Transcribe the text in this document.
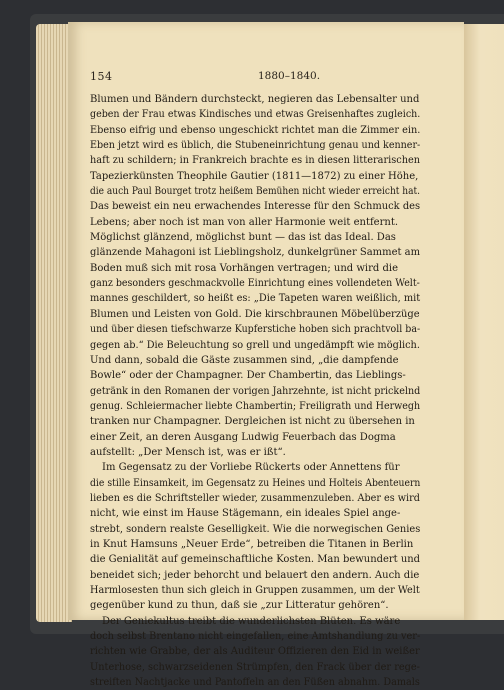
154	1880–1840.
Blumen und Bändern durchsteckt, negieren das Lebensalter und
geben der Frau etwas Kindisches und etwas Greisenhaftes zugleich.
Ebenso eifrig und ebenso ungeschickt richtet man die Zimmer ein.
Eben jetzt wird es üblich, die Stubeneinrichtung genau und kenner-
haft zu schildern; in Frankreich brachte es in diesen litterarischen
Tapezierkünsten Theophile Gautier (1811—1872) zu einer Höhe,
die auch Paul Bourget trotz heißem Bemühen nicht wieder erreicht hat.
Das beweist ein neu erwachendes Interesse für den Schmuck des
Lebens; aber noch ist man von aller Harmonie weit entfernt.
Möglichst glänzend, möglichst bunt — das ist das Ideal. Das
glänzende Mahagoni ist Lieblingsholz, dunkelgrüner Sammet am
Boden muß sich mit rosa Vorhängen vertragen; und wird die
ganz besonders geschmackvolle Einrichtung eines vollendeten Welt-
mannes geschildert, so heißt es: „Die Tapeten waren weißlich, mit
Blumen und Leisten von Gold. Die kirschbraunen Möbelüberzüge
und über diesen tiefschwarze Kupferstiche hoben sich prachtvoll ba-
gegen ab.“ Die Beleuchtung so grell und ungedämpft wie möglich.
Und dann, sobald die Gäste zusammen sind, „die dampfende
Bowle“ oder der Champagner. Der Chambertin, das Lieblings-
getränk in den Romanen der vorigen Jahrzehnte, ist nicht prickelnd
genug. Schleiermacher liebte Chambertin; Freiligrath und Herwegh
tranken nur Champagner. Dergleichen ist nicht zu übersehen in
einer Zeit, an deren Ausgang Ludwig Feuerbach das Dogma
aufstellt: „Der Mensch ist, was er ißt“.
Im Gegensatz zu der Vorliebe Rückerts oder Annettens für
die stille Einsamkeit, im Gegensatz zu Heines und Holteis Abenteuern
lieben es die Schriftsteller wieder, zusammenzuleben. Aber es wird
nicht, wie einst im Hause Stägemann, ein ideales Spiel ange-
strebt, sondern realste Geselligkeit. Wie die norwegischen Genies
in Knut Hamsuns „Neuer Erde“, betreiben die Titanen in Berlin
die Genialität auf gemeinschaftliche Kosten. Man bewundert und
beneidet sich; jeder behorcht und belauert den andern. Auch die
Harmlosesten thun sich gleich in Gruppen zusammen, um der Welt
gegenüber kund zu thun, daß sie „zur Litteratur gehören“.
Der Geniekultus treibt die wunderlichsten Blüten. Es wäre
doch selbst Brentano nicht eingefallen, eine Amtshandlung zu ver-
richten wie Grabbe, der als Auditeur Offizieren den Eid in weißer
Unterhose, schwarzseidenen Strümpfen, den Frack über der rege-
streiften Nachtjacke und Pantoffeln an den Füßen abnahm. Damals
